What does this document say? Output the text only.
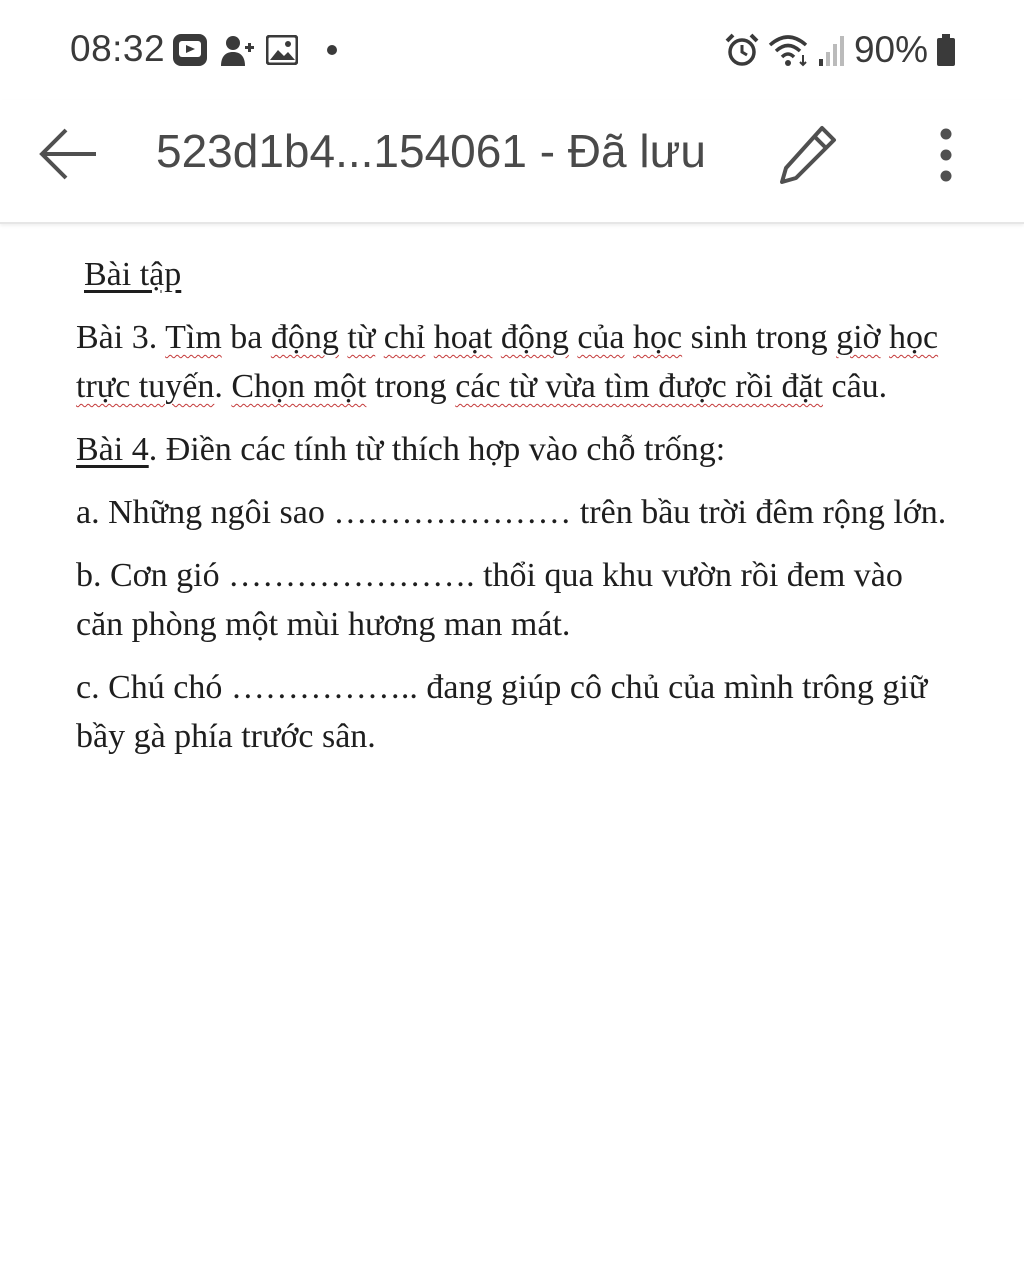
08:32	90%
523d1b4...154061 - Đã lưu

Bài tập

Bài 3. Tìm ba động từ chỉ hoạt động của học sinh trong giờ học trực tuyến. Chọn một trong các từ vừa tìm được rồi đặt câu.

Bài 4. Điền các tính từ thích hợp vào chỗ trống:

a. Những ngôi sao ………………… trên bầu trời đêm rộng lớn.

b. Cơn gió …………………. thổi qua khu vườn rồi đem vào căn phòng một mùi hương man mát.

c. Chú chó …………….. đang giúp cô chủ của mình trông giữ bầy gà phía trước sân.
